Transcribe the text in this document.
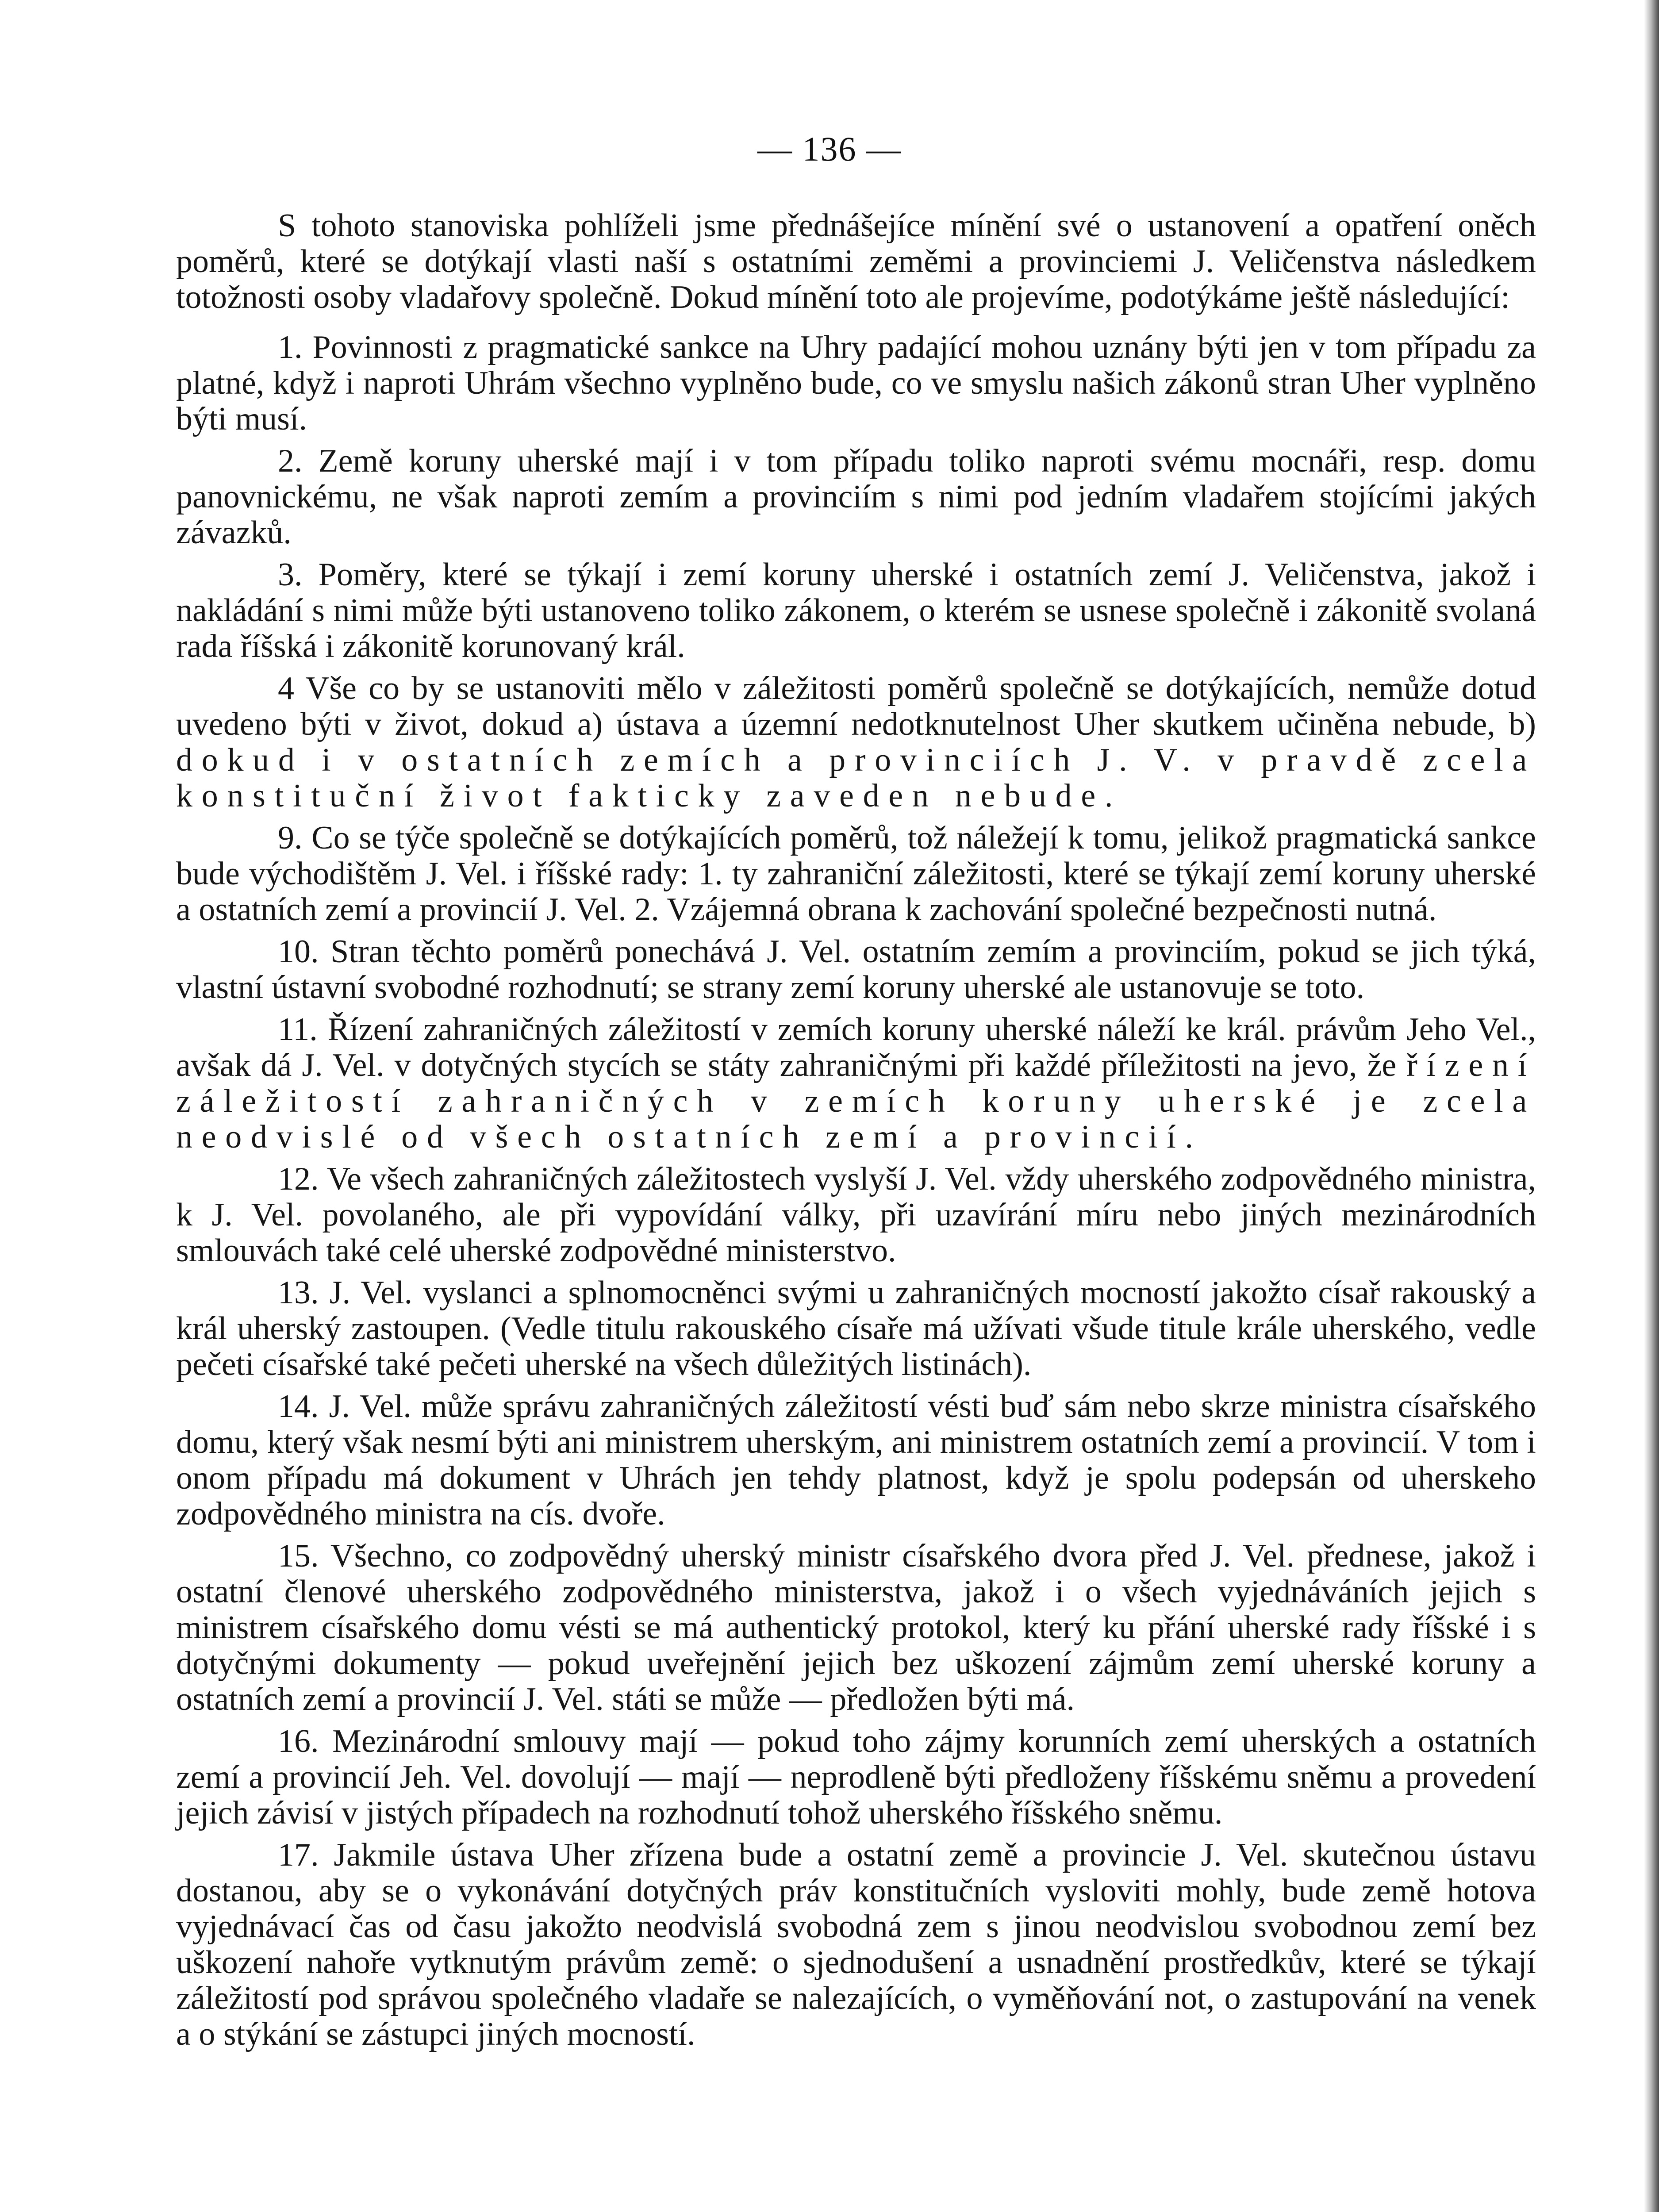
— 136 —

S tohoto stanoviska pohlíželi jsme přednášejíce mínění své o ustanovení a opatření oněch poměrů, které se dotýkají vlasti naší s ostatními zeměmi a provinciemi J. Veličenstva následkem totožnosti osoby vladařovy společně. Dokud mínění toto ale projevíme, podotýkáme ještě následující:

1. Povinnosti z pragmatické sankce na Uhry padající mohou uznány býti jen v tom případu za platné, když i naproti Uhrám všechno vyplněno bude, co ve smyslu našich zákonů stran Uher vyplněno býti musí.

2. Země koruny uherské mají i v tom případu toliko naproti svému mocnáři, resp. domu panovnickému, ne však naproti zemím a provinciím s nimi pod jedním vladařem stojícími jakých závazků.

3. Poměry, které se týkají i zemí koruny uherské i ostatních zemí J. Veličenstva, jakož i nakládání s nimi může býti ustanoveno toliko zákonem, o kterém se usnese společně i zákonitě svolaná rada říšská i zákonitě korunovaný král.

4 Vše co by se ustanoviti mělo v záležitosti poměrů společně se dotýkajících, nemůže dotud uvedeno býti v život, dokud a) ústava a územní nedotknutelnost Uher skutkem učiněna nebude, b) dokud i v ostatních zemích a provinciích J. V. v pravdě zcela konstituční život fakticky zaveden nebude.

9. Co se týče společně se dotýkajících poměrů, tož náležejí k tomu, jelikož pragmatická sankce bude východištěm J. Vel. i říšské rady: 1. ty zahraniční záležitosti, které se týkají zemí koruny uherské a ostatních zemí a provincií J. Vel. 2. Vzájemná obrana k zachování společné bezpečnosti nutná.

10. Stran těchto poměrů ponechává J. Vel. ostatním zemím a provinciím, pokud se jich týká, vlastní ústavní svobodné rozhodnutí; se strany zemí koruny uherské ale ustanovuje se toto.

11. Řízení zahraničných záležitostí v zemích koruny uherské náleží ke král. právům Jeho Vel., avšak dá J. Vel. v dotyčných stycích se státy zahraničnými při každé příležitosti na jevo, že řízení záležitostí zahraničných v zemích koruny uherské je zcela neodvislé od všech ostatních zemí a provincií.

12. Ve všech zahraničných záležitostech vyslyší J. Vel. vždy uherského zodpovědného ministra, k J. Vel. povolaného, ale při vypovídání války, při uzavírání míru nebo jiných mezinárodních smlouvách také celé uherské zodpovědné ministerstvo.

13. J. Vel. vyslanci a splnomocněnci svými u zahraničných mocností jakožto císař rakouský a král uherský zastoupen. (Vedle titulu rakouského císaře má užívati všude titule krále uherského, vedle pečeti císařské také pečeti uherské na všech důležitých listinách).

14. J. Vel. může správu zahraničných záležitostí vésti buď sám nebo skrze ministra císařského domu, který však nesmí býti ani ministrem uherským, ani ministrem ostatních zemí a provincií. V tom i onom případu má dokument v Uhrách jen tehdy platnost, když je spolu podepsán od uherskeho zodpovědného ministra na cís. dvoře.

15. Všechno, co zodpovědný uherský ministr císařského dvora před J. Vel. přednese, jakož i ostatní členové uherského zodpovědného ministerstva, jakož i o všech vyjednáváních jejich s ministrem císařského domu vésti se má authentický protokol, který ku přání uherské rady říšské i s dotyčnými dokumenty — pokud uveřejnění jejich bez uškození zájmům zemí uherské koruny a ostatních zemí a provincií J. Vel. státi se může — předložen býti má.

16. Mezinárodní smlouvy mají — pokud toho zájmy korunních zemí uherských a ostatních zemí a provincií Jeh. Vel. dovolují — mají — neprodleně býti předloženy říšskému sněmu a provedení jejich závisí v jistých případech na rozhodnutí tohož uherského říšského sněmu.

17. Jakmile ústava Uher zřízena bude a ostatní země a provincie J. Vel. skutečnou ústavu dostanou, aby se o vykonávání dotyčných práv konstitučních vysloviti mohly, bude země hotova vyjednávací čas od času jakožto neodvislá svobodná zem s jinou neodvislou svobodnou zemí bez uškození nahoře vytknutým právům země: o sjednodušení a usnadnění prostředkův, které se týkají záležitostí pod správou společného vladaře se nalezajících, o vyměňování not, o zastupování na venek a o stýkání se zástupci jiných mocností.
